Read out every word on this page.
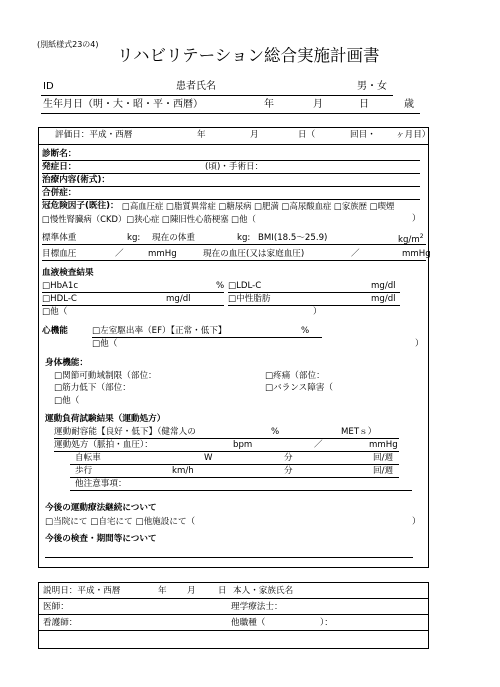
(別紙様式23の4)
リハビリテーション総合実施計画書
ID	患者氏名	男・女
生年月日（明・大・昭・平・西暦）	年	月	日	歳
評価日：平成・西暦	年	月	日（	回目・ ヶ月目）
診断名：
発症日：	(頃)・手術日：
治療内容(術式)：
合併症：
冠危険因子(既往)： □高血圧症 □脂質異常症 □糖尿病 □肥満 □高尿酸血症 □家族歴 □喫煙
□慢性腎臓病（CKD）□狭心症 □陳旧性心筋梗塞 □他（	）
標準体重	kg: 現在の体重	kg: BMI(18.5～25.9)	$kg/m^2$
目標血圧	／	mmHg	現在の血圧(又は家庭血圧)	／	mmHg
血液検査結果
□HbA1c	% □LDL-C	mg/dl
□HDL-C	mg/dl	□中性脂肪	mg/dl
□他（	）
心機能	□左室駆出率（EF）【正常・低下】	%
□他（	）
身体機能：
□関節可動域制限（部位：	□疼痛（部位：
□筋力低下（部位：	□バランス障害（
□他（
運動負荷試験結果（運動処方）
運動耐容能【良好・低下】（健常人の	%	METｓ）
運動処方（脈拍・血圧）：	bpm	／	mmHg
自転車	W	分	回/週
歩行	km/h	分	回/週
他注意事項：
今後の運動療法継続について
□当院にて □自宅にて □他施設にて（	）
今後の検査・期間等について
説明日：平成・西暦	年 月	日 本人・家族氏名
医師：	理学療法士：
看護師：	他職種（	）：
